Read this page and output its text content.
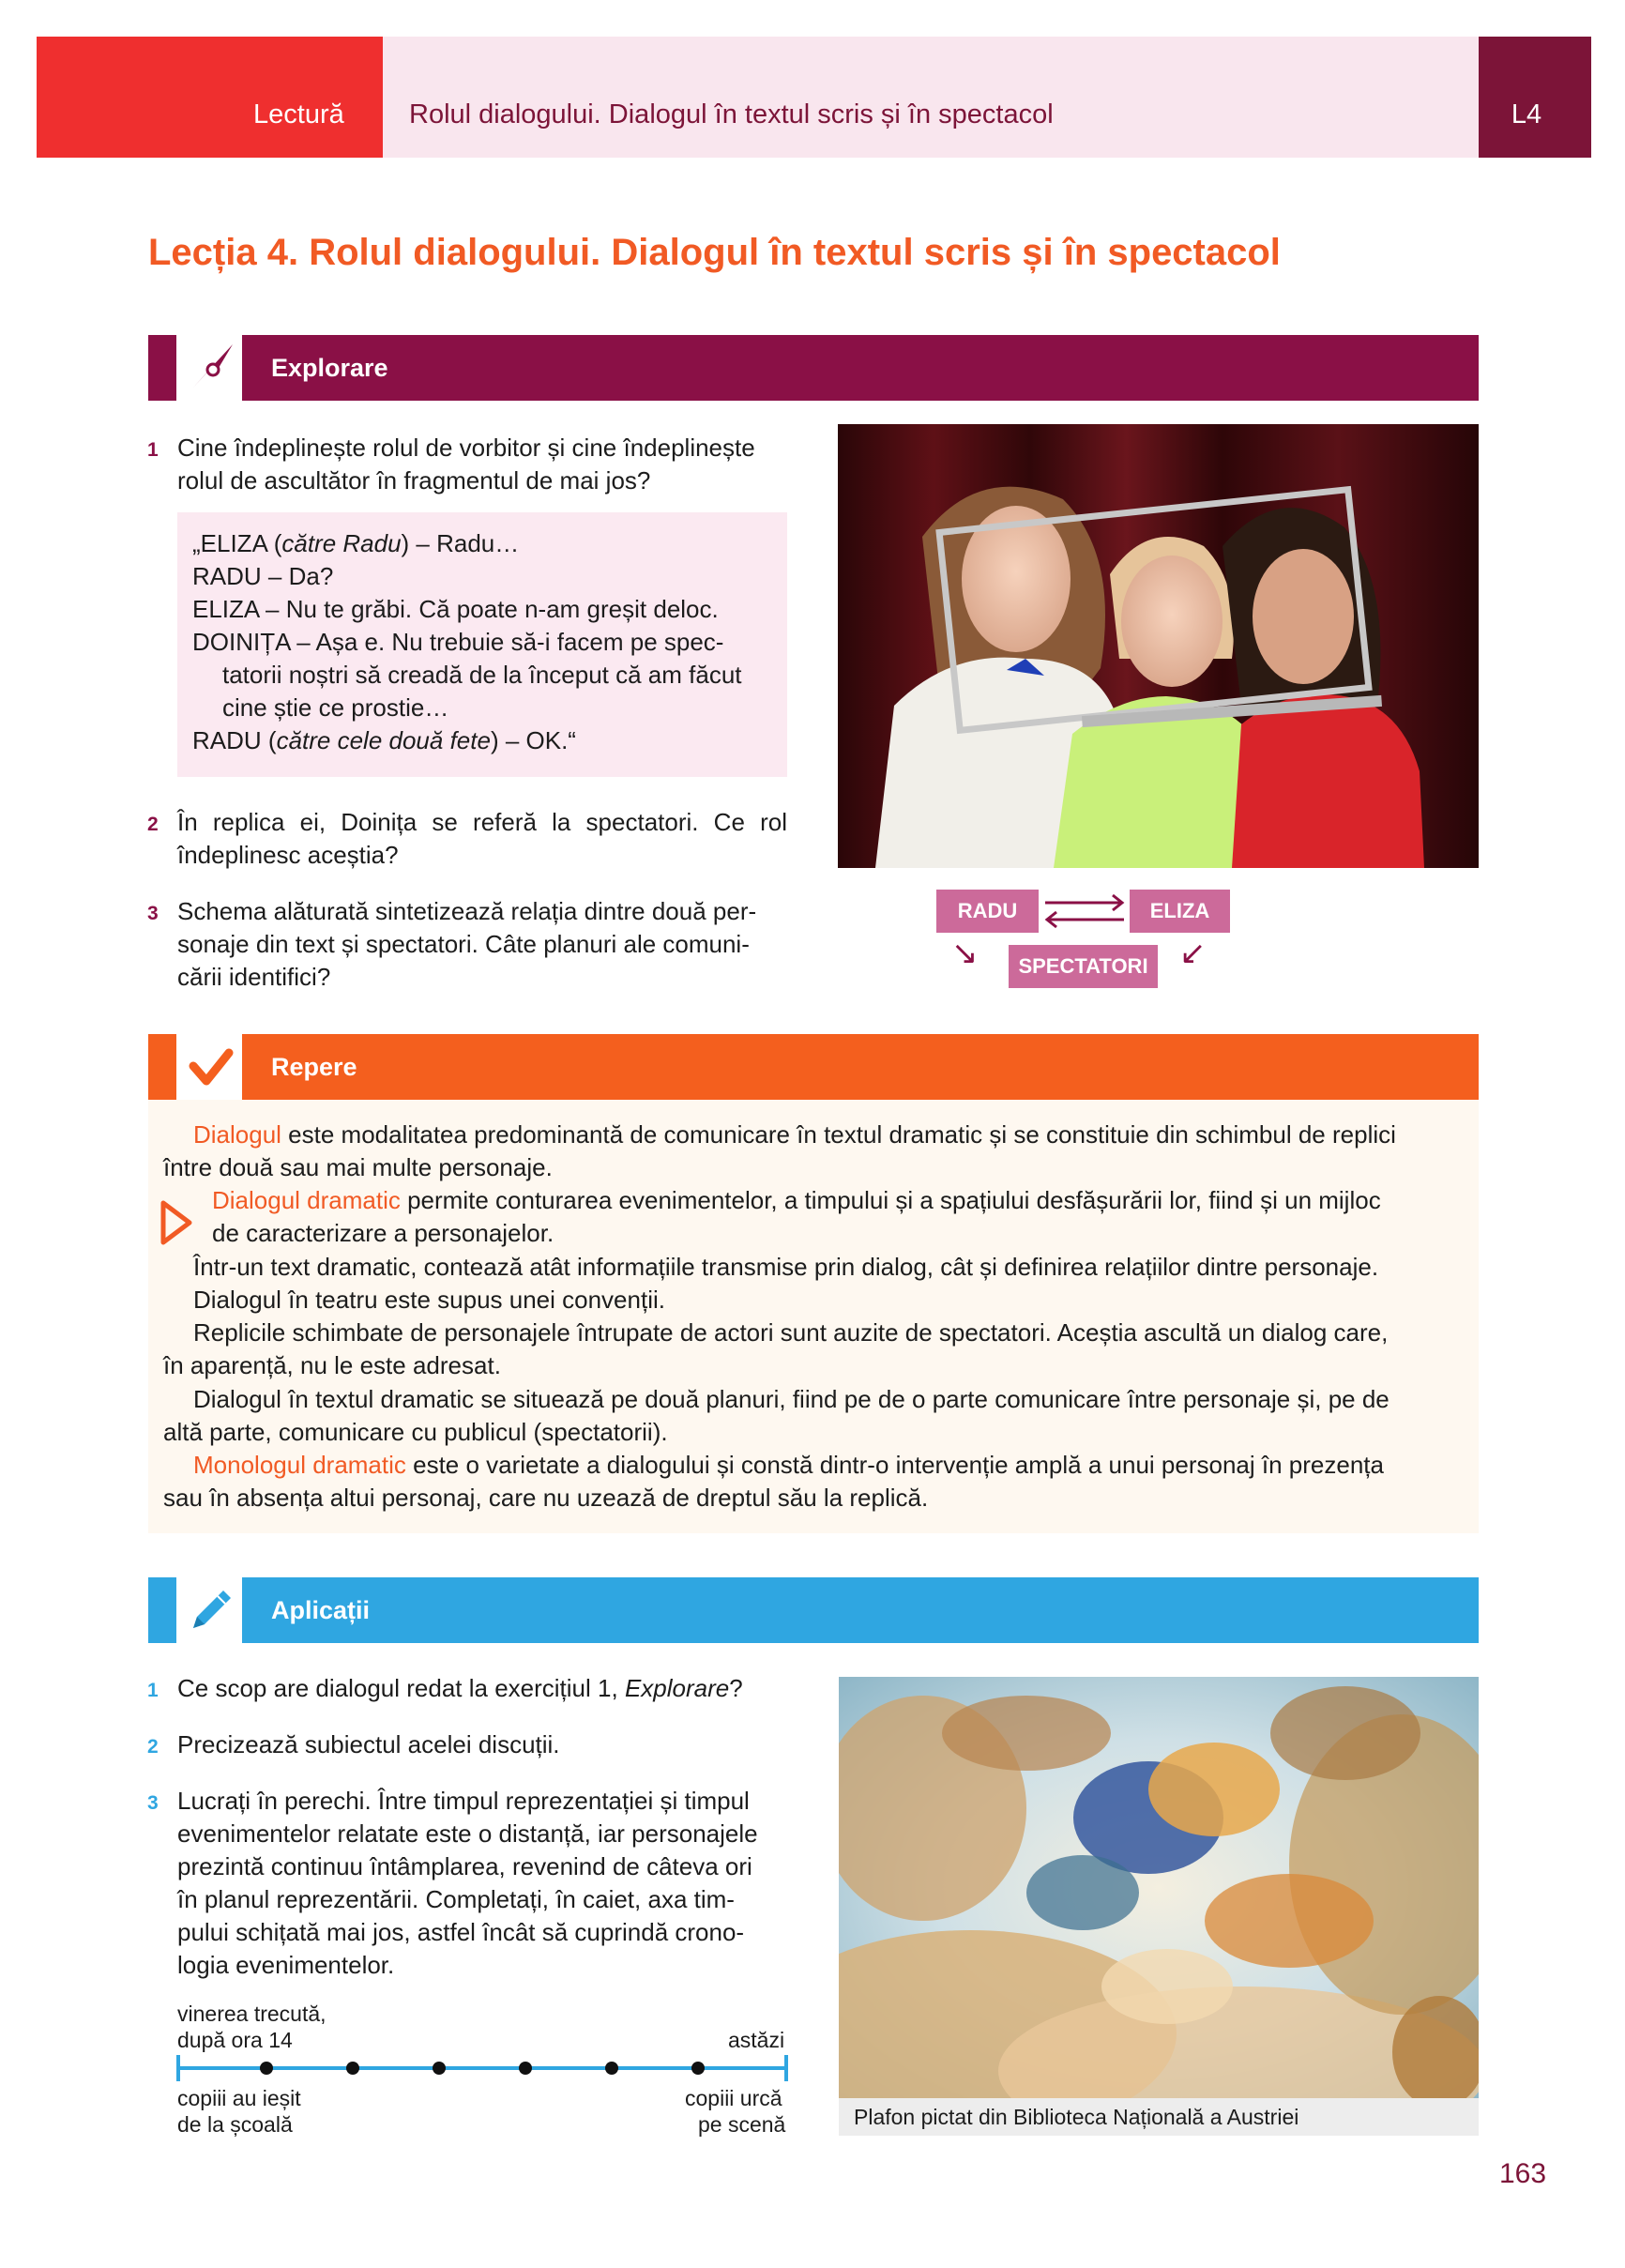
Lectură Rolul dialogului. Dialogul în textul scris și în spectacol	L4
Lecția 4. Rolul dialogului. Dialogul în textul scris și în spectacol
Explorare
1 Cine îndeplinește rolul de vorbitor și cine îndeplinește
rolul de ascultător în fragmentul de mai jos?
„ELIZA (către Radu) – Radu…
RADU – Da?
ELIZA – Nu te grăbi. Că poate n-am greșit deloc.
DOINIȚA – Așa e. Nu trebuie să-i facem pe spec-
tatorii noștri să creadă de la început că am făcut
cine știe ce prostie…
RADU (către cele două fete) – OK.“
2 În replica ei, Doinița se referă la spectatori. Ce rol
îndeplinesc aceștia?
3 Schema alăturată sintetizează relația dintre două per-
sonaje din text și spectatori. Câte planuri ale comuni-
cării identifici?
RADU	ELIZA
SPECTATORI
↘	↙
Repere
Dialogul este modalitatea predominantă de comunicare în textul dramatic și se constituie din schimbul de replici
între două sau mai multe personaje.
Dialogul dramatic permite conturarea evenimentelor, a timpului și a spațiului desfășurării lor, fiind și un mijloc
de caracterizare a personajelor.
Într-un text dramatic, contează atât informațiile transmise prin dialog, cât și definirea relațiilor dintre personaje.
Dialogul în teatru este supus unei convenții.
Replicile schimbate de personajele întrupate de actori sunt auzite de spectatori. Aceștia ascultă un dialog care,
în aparență, nu le este adresat.
Dialogul în textul dramatic se situează pe două planuri, fiind pe de o parte comunicare între personaje și, pe de
altă parte, comunicare cu publicul (spectatorii).
Monologul dramatic este o varietate a dialogului și constă dintr-o intervenție amplă a unui personaj în prezența
sau în absența altui personaj, care nu uzează de dreptul său la replică.
Aplicații
1 Ce scop are dialogul redat la exercițiul 1, Explorare?
2 Precizează subiectul acelei discuții.
3 Lucrați în perechi. Între timpul reprezentației și timpul
evenimentelor relatate este o distanță, iar personajele
prezintă continuu întâmplarea, revenind de câteva ori
în planul reprezentării. Completați, în caiet, axa tim-
pului schițată mai jos, astfel încât să cuprindă crono-
logia evenimentelor.
vinerea trecută,
după ora 14	astăzi
copiii au ieșit
de la școală
copiii urcă
pe scenă	Plafon pictat din Biblioteca Națională a Austriei
163
